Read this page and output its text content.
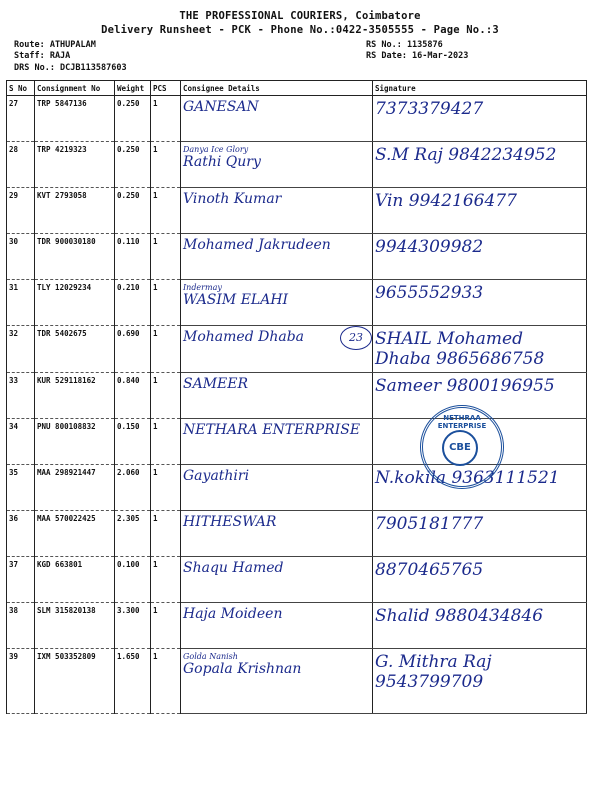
THE PROFESSIONAL COURIERS, Coimbatore
Delivery Runsheet - PCK - Phone No.:0422-3505555 - Page No.:3
Route: ATHUPALAM
Staff: RAJA
DRS No.: DCJB113587603
RS No.: 1135876
RS Date: 16-Mar-2023
S No	Consignment No	Weight	PCS	Consignee Details	Signature
27	TRP 5847136	0.250	1	GANESAN	7373379427

28	TRP 4219323	0.250	1	Danya Ice Glory
Rathi Qury	S.M Raj 9842234952

29	KVT 2793058	0.250	1	Vinoth Kumar	Vin 9942166477

30	TDR 900030180	0.110	1	Mohamed Jakrudeen	9944309982

31	TLY 12029234	0.210	1	Indermay
WASIM ELAHI	9655552933

32	TDR 5402675	0.690	1	Mohamed Dhaba	SHAIL Mohamed Dhaba 9865686758

33	KUR 529118162	0.840	1	SAMEER	Sameer 9800196955

34	PNU 800108832	0.150	1	NETHARA ENTERPRISE	

35	MAA 298921447	2.060	1	Gayathiri	N.kokila 9363111521

36	MAA 570022425	2.305	1	HITHESWAR	7905181777

37	KGD 663801	0.100	1	Shaqu Hamed	8870465765

38	SLM 315820138	3.300	1	Haja Moideen	Shalid 9880434846

39	IXM 503352809	1.650	1	Golda Nanish
Gopala Krishnan	G. Mithra Raj 9543799709
23
NETHRAA ENTERPRISE
CBE
